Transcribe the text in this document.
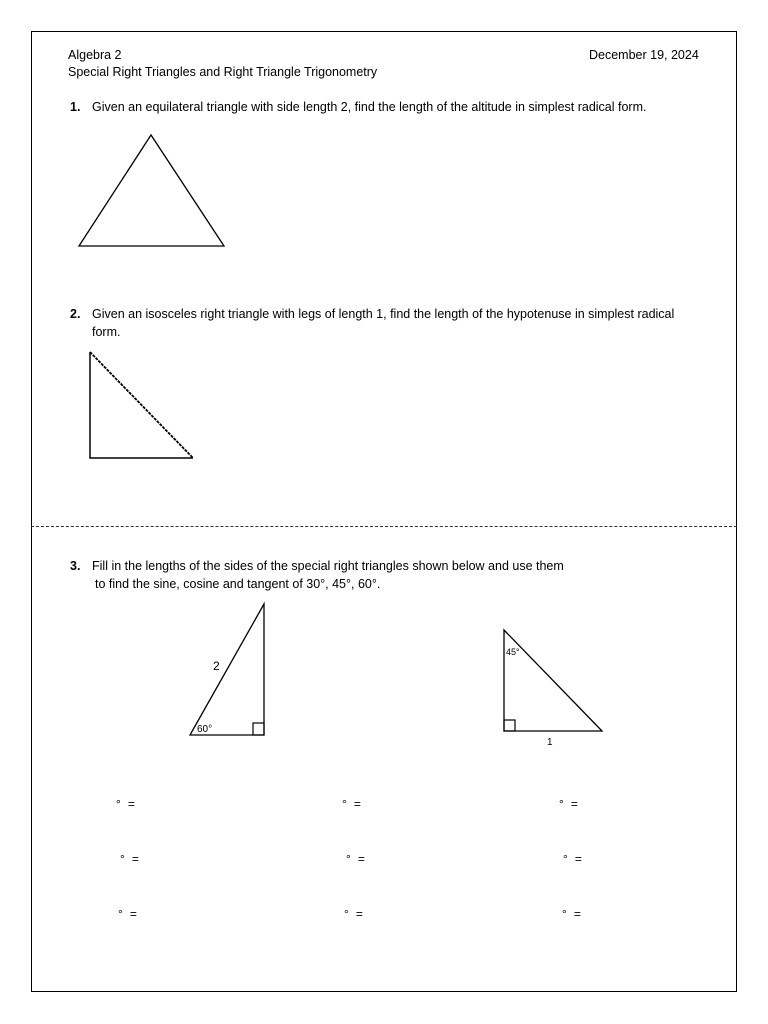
Algebra 2	December 19, 2024
Special Right Triangles and Right Triangle Trigonometry
1. Given an equilateral triangle with side length 2, find the length of the altitude in simplest radical form.
2. Given an isosceles right triangle with legs of length 1, find the length of the hypotenuse in simplest radical
form.
3. Fill in the lengths of the sides of the special right triangles shown below and use them
to find the sine, cosine and tangent of 30°, 45°, 60°.
2
60°
45°
1
° =	° =	° =
° =	° =	° =
° =	° =	° =
